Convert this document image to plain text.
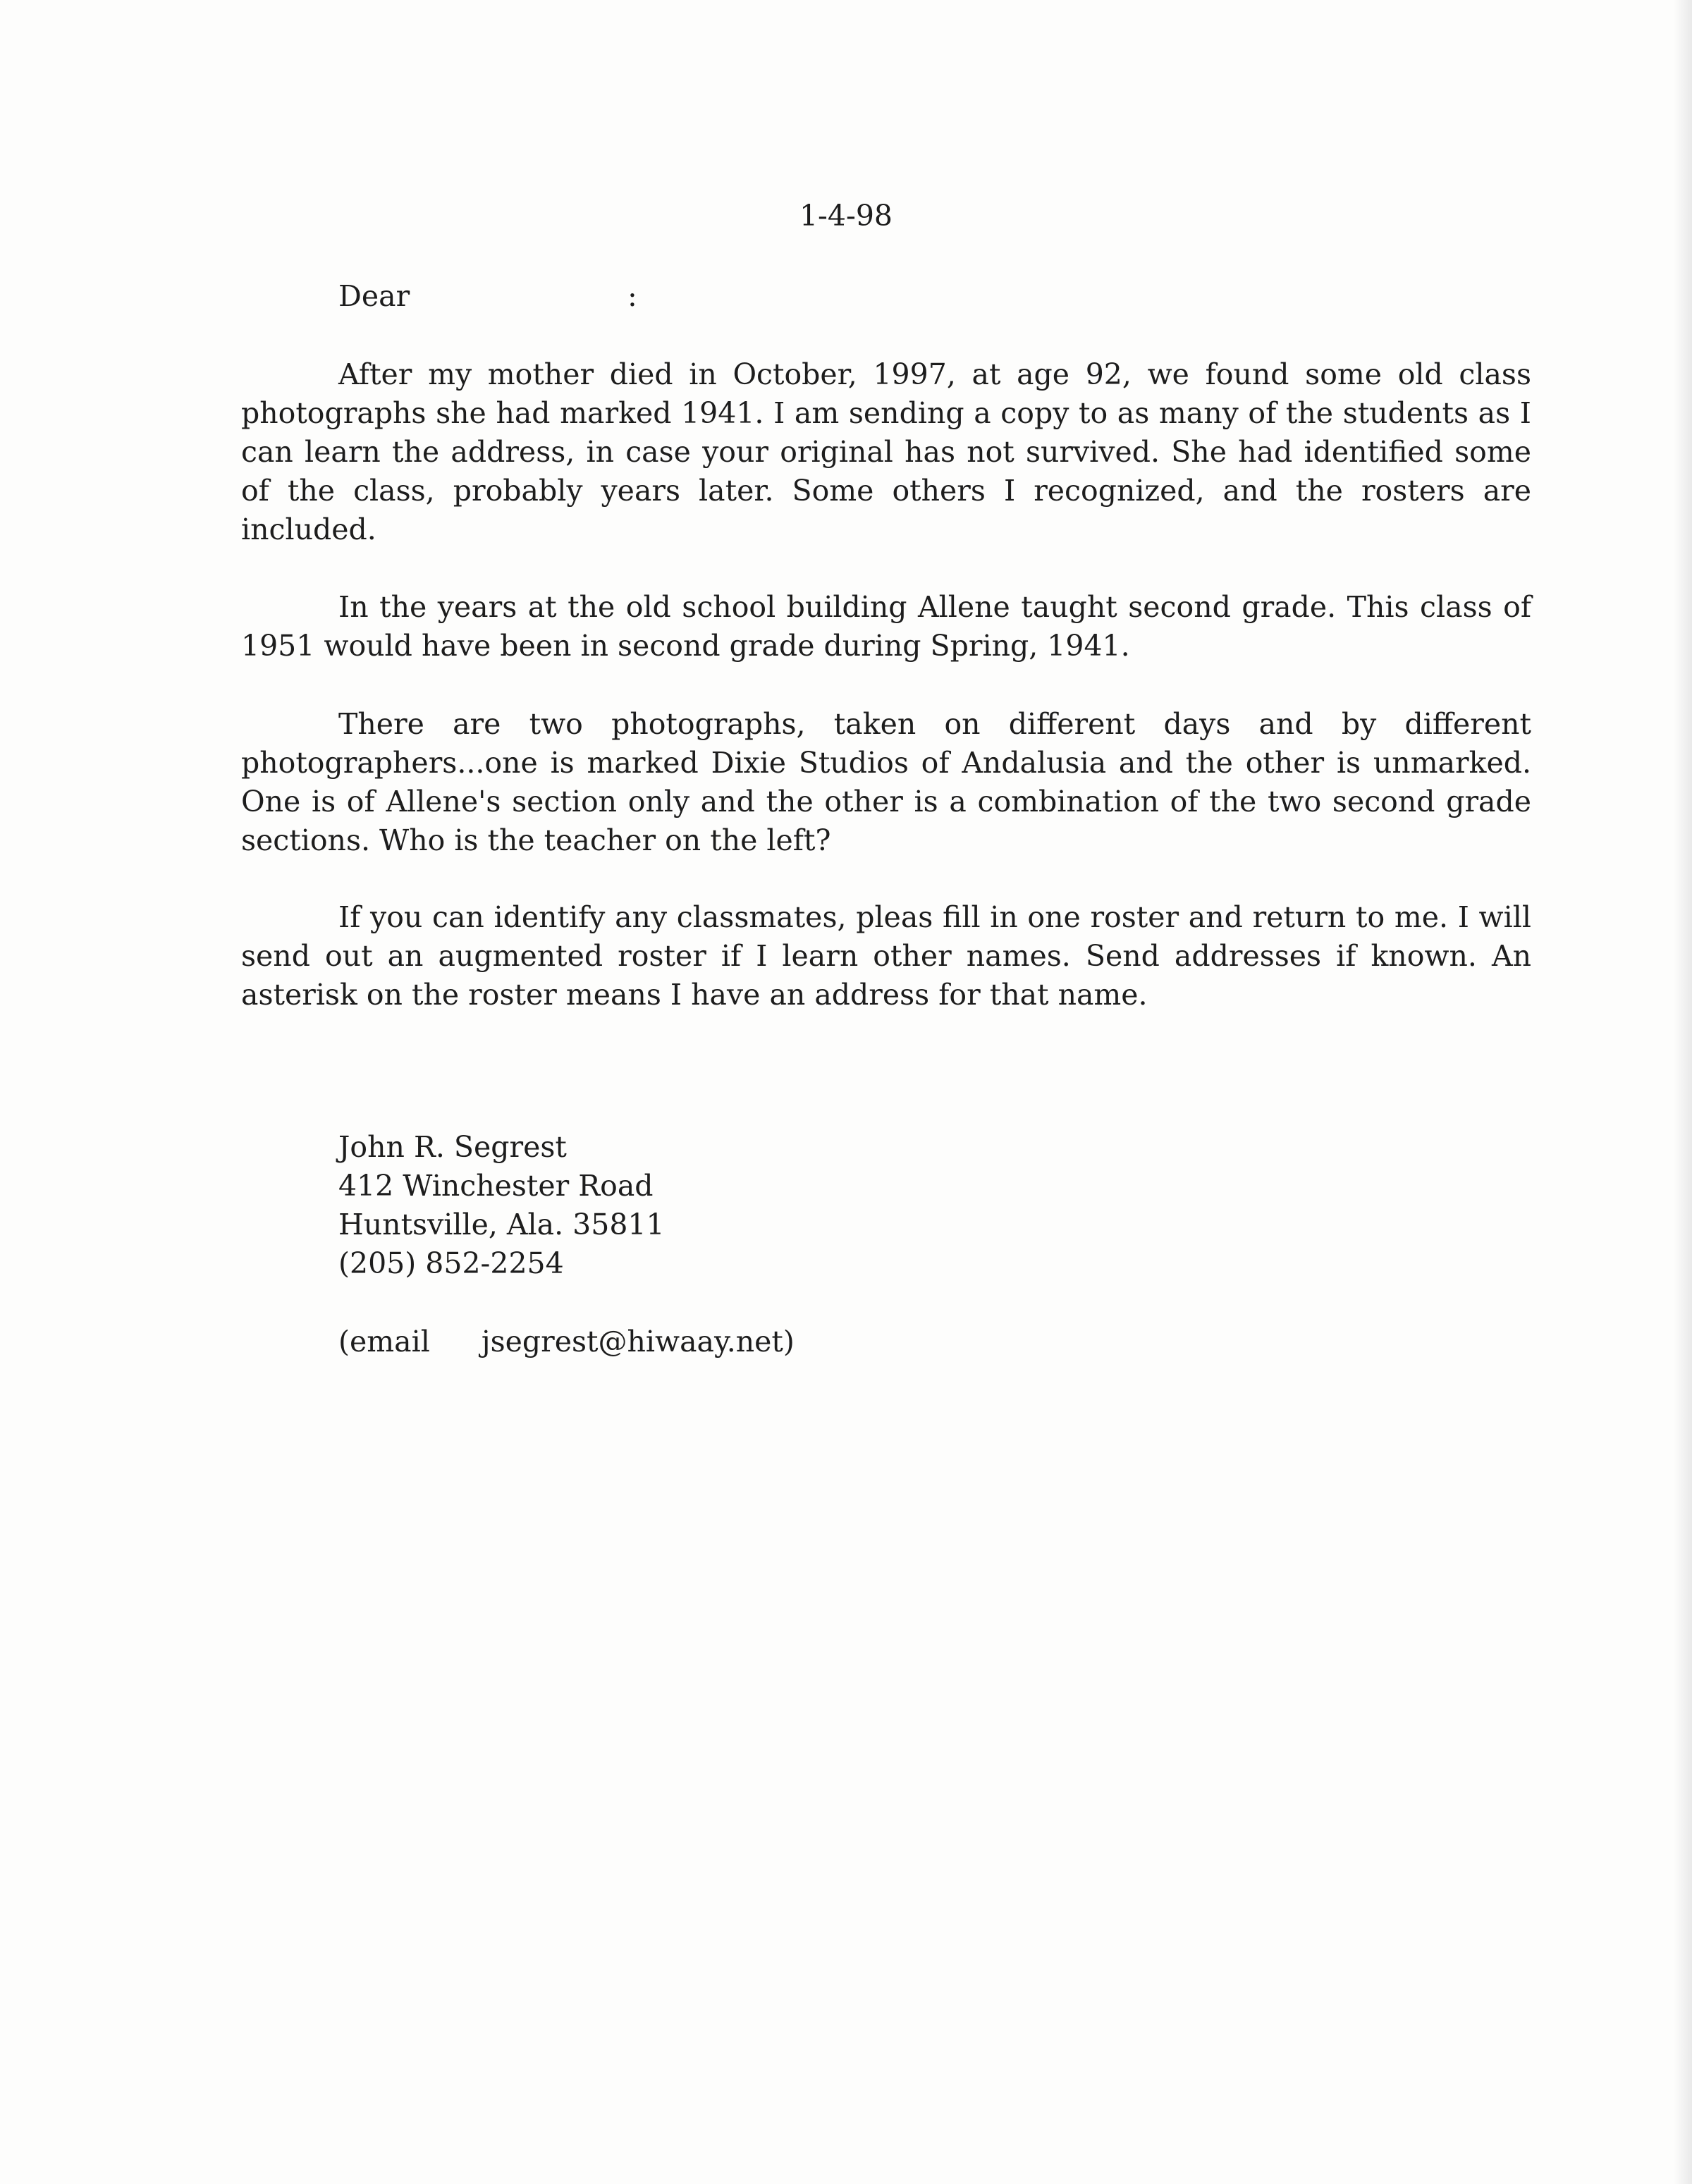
1-4-98
Dear	:

After my mother died in October, 1997, at age 92, we found some old class photographs she had marked 1941. I am sending a copy to as many of the students as I can learn the address, in case your original has not survived. She had identified some of the class, probably years later. Some others I recognized, and the rosters are included.

In the years at the old school building Allene taught second grade. This class of 1951 would have been in second grade during Spring, 1941.

There are two photographs, taken on different days and by different photographers...one is marked Dixie Studios of Andalusia and the other is unmarked. One is of Allene's section only and the other is a combination of the two second grade sections. Who is the teacher on the left?

If you can identify any classmates, pleas fill in one roster and return to me. I will send out an augmented roster if I learn other names. Send addresses if known. An asterisk on the roster means I have an address for that name.

John R. Segrest
412 Winchester Road
Huntsville, Ala. 35811
(205) 852-2254
(email jsegrest@hiwaay.net)
